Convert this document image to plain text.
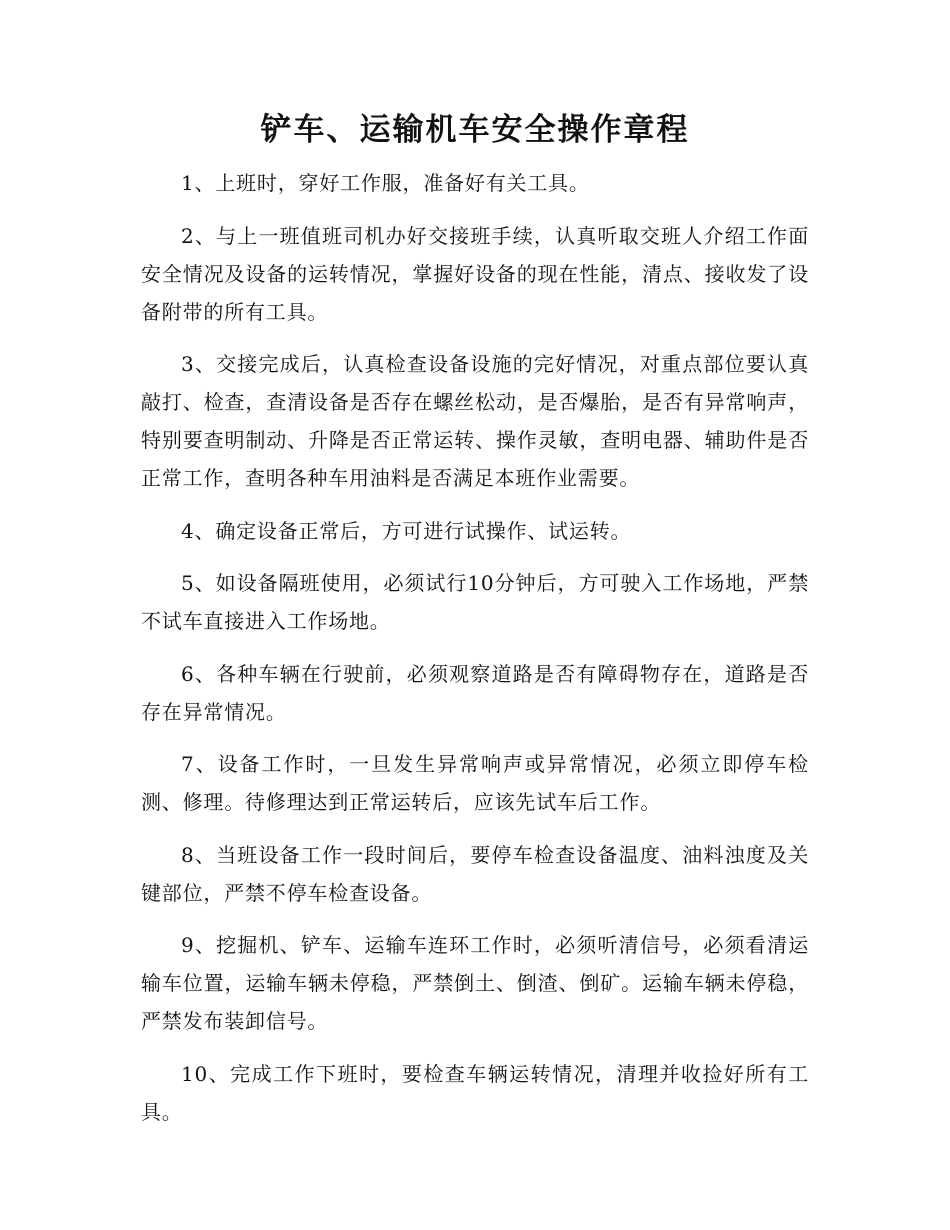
铲车、运输机车安全操作章程

1、上班时，穿好工作服，准备好有关工具。

2、与上一班值班司机办好交接班手续，认真听取交班人介绍工作面安全情况及设备的运转情况，掌握好设备的现在性能，清点、接收发了设备附带的所有工具。

3、交接完成后，认真检查设备设施的完好情况，对重点部位要认真敲打、检查，查清设备是否存在螺丝松动，是否爆胎，是否有异常响声，特别要查明制动、升降是否正常运转、操作灵敏，查明电器、辅助件是否正常工作，查明各种车用油料是否满足本班作业需要。

4、确定设备正常后，方可进行试操作、试运转。

5、如设备隔班使用，必须试行10分钟后，方可驶入工作场地，严禁不试车直接进入工作场地。

6、各种车辆在行驶前，必须观察道路是否有障碍物存在，道路是否存在异常情况。

7、设备工作时，一旦发生异常响声或异常情况，必须立即停车检测、修理。待修理达到正常运转后，应该先试车后工作。

8、当班设备工作一段时间后，要停车检查设备温度、油料浊度及关键部位，严禁不停车检查设备。

9、挖掘机、铲车、运输车连环工作时，必须听清信号，必须看清运输车位置，运输车辆未停稳，严禁倒土、倒渣、倒矿。运输车辆未停稳，严禁发布装卸信号。

10、完成工作下班时，要检查车辆运转情况，清理并收捡好所有工具。
